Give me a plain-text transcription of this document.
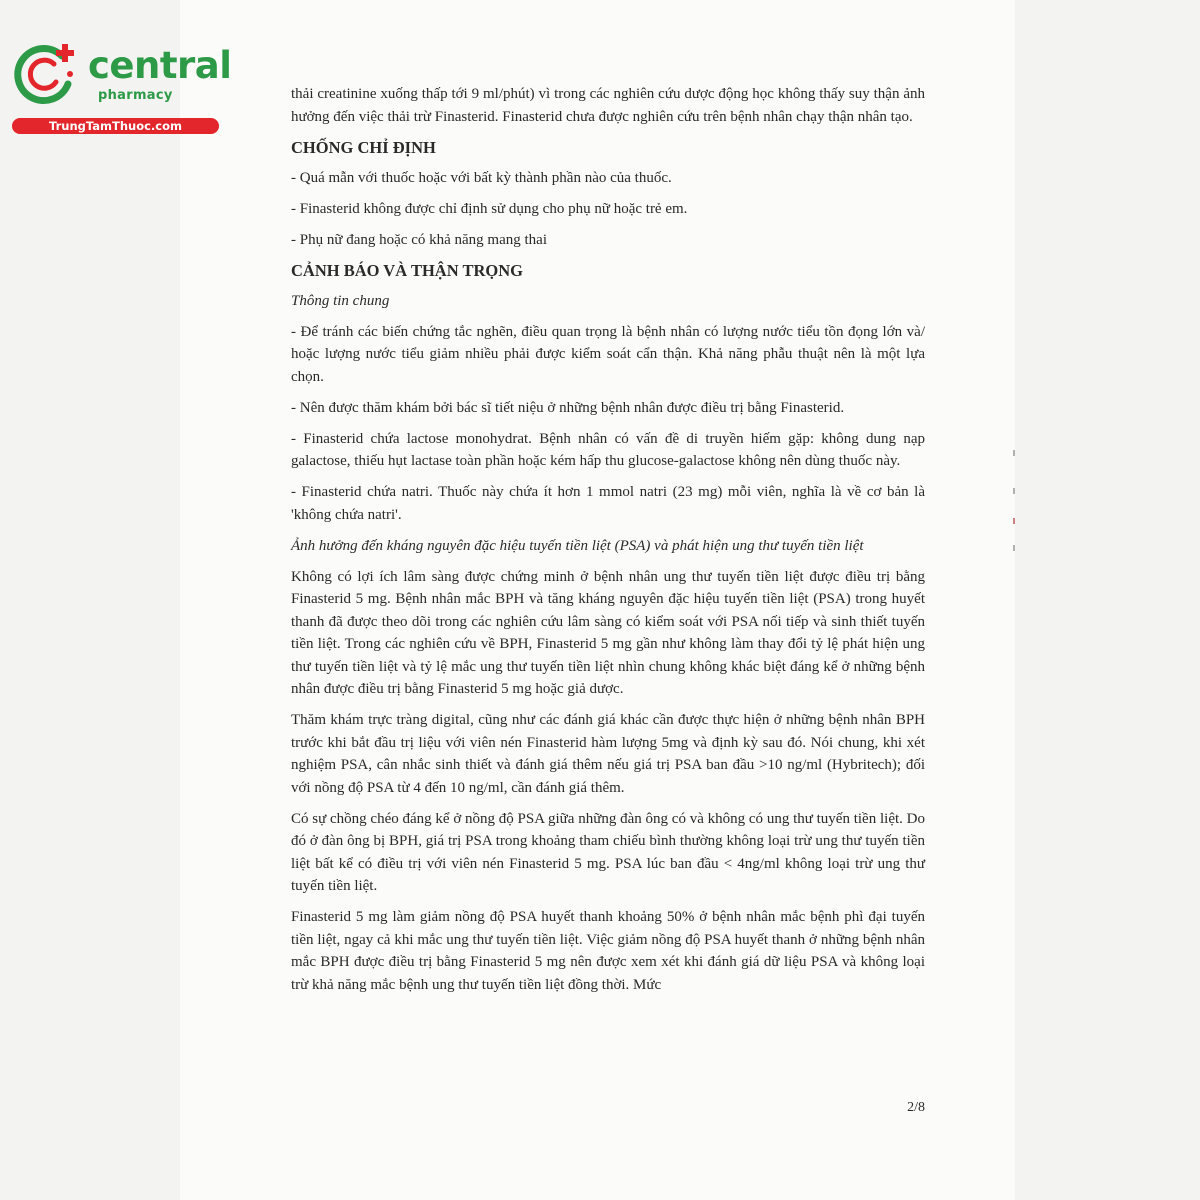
central
pharmacy
TrungTamThuoc.com

thải creatinine xuống thấp tới 9 ml/phút) vì trong các nghiên cứu dược động học không thấy suy thận ảnh hưởng đến việc thải trừ Finasterid. Finasterid chưa được nghiên cứu trên bệnh nhân chạy thận nhân tạo.

CHỐNG CHỈ ĐỊNH

- Quá mẫn với thuốc hoặc với bất kỳ thành phần nào của thuốc.

- Finasterid không được chỉ định sử dụng cho phụ nữ hoặc trẻ em.

- Phụ nữ đang hoặc có khả năng mang thai

CẢNH BÁO VÀ THẬN TRỌNG

Thông tin chung

- Để tránh các biến chứng tắc nghẽn, điều quan trọng là bệnh nhân có lượng nước tiểu tồn đọng lớn và/ hoặc lượng nước tiểu giảm nhiều phải được kiểm soát cẩn thận. Khả năng phẫu thuật nên là một lựa chọn.

- Nên được thăm khám bởi bác sĩ tiết niệu ở những bệnh nhân được điều trị bằng Finasterid.

- Finasterid chứa lactose monohydrat. Bệnh nhân có vấn đề di truyền hiếm gặp: không dung nạp galactose, thiếu hụt lactase toàn phần hoặc kém hấp thu glucose-galactose không nên dùng thuốc này.

- Finasterid chứa natri. Thuốc này chứa ít hơn 1 mmol natri (23 mg) mỗi viên, nghĩa là về cơ bản là 'không chứa natri'.

Ảnh hưởng đến kháng nguyên đặc hiệu tuyến tiền liệt (PSA) và phát hiện ung thư tuyến tiền liệt

Không có lợi ích lâm sàng được chứng minh ở bệnh nhân ung thư tuyến tiền liệt được điều trị bằng Finasterid 5 mg. Bệnh nhân mắc BPH và tăng kháng nguyên đặc hiệu tuyến tiền liệt (PSA) trong huyết thanh đã được theo dõi trong các nghiên cứu lâm sàng có kiểm soát với PSA nối tiếp và sinh thiết tuyến tiền liệt. Trong các nghiên cứu về BPH, Finasterid 5 mg gần như không làm thay đổi tỷ lệ phát hiện ung thư tuyến tiền liệt và tỷ lệ mắc ung thư tuyến tiền liệt nhìn chung không khác biệt đáng kể ở những bệnh nhân được điều trị bằng Finasterid 5 mg hoặc giả dược.

Thăm khám trực tràng digital, cũng như các đánh giá khác cần được thực hiện ở những bệnh nhân BPH trước khi bắt đầu trị liệu với viên nén Finasterid hàm lượng 5mg và định kỳ sau đó. Nói chung, khi xét nghiệm PSA, cân nhắc sinh thiết và đánh giá thêm nếu giá trị PSA ban đầu >10 ng/ml (Hybritech); đối với nồng độ PSA từ 4 đến 10 ng/ml, cần đánh giá thêm.

Có sự chồng chéo đáng kể ở nồng độ PSA giữa những đàn ông có và không có ung thư tuyến tiền liệt. Do đó ở đàn ông bị BPH, giá trị PSA trong khoảng tham chiếu bình thường không loại trừ ung thư tuyến tiền liệt bất kể có điều trị với viên nén Finasterid 5 mg. PSA lúc ban đầu < 4ng/ml không loại trừ ung thư tuyến tiền liệt.

Finasterid 5 mg làm giảm nồng độ PSA huyết thanh khoảng 50% ở bệnh nhân mắc bệnh phì đại tuyến tiền liệt, ngay cả khi mắc ung thư tuyến tiền liệt. Việc giảm nồng độ PSA huyết thanh ở những bệnh nhân mắc BPH được điều trị bằng Finasterid 5 mg nên được xem xét khi đánh giá dữ liệu PSA và không loại trừ khả năng mắc bệnh ung thư tuyến tiền liệt đồng thời. Mức

2/8
